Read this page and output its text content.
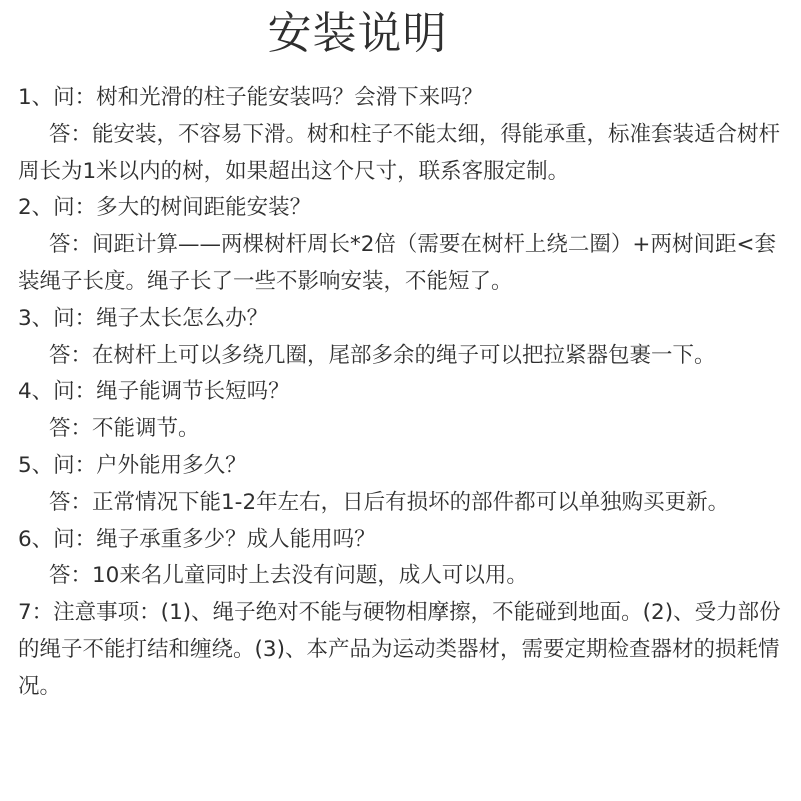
安装说明

1、问：树和光滑的柱子能安装吗？会滑下来吗？

答：能安装，不容易下滑。树和柱子不能太细，得能承重，标准套装适合树杆周长为1米以内的树，如果超出这个尺寸，联系客服定制。

2、问：多大的树间距能安装？

答：间距计算——两棵树杆周长*2倍（需要在树杆上绕二圈）+两树间距<套装绳子长度。绳子长了一些不影响安装，不能短了。

3、问：绳子太长怎么办？

答：在树杆上可以多绕几圈，尾部多余的绳子可以把拉紧器包裹一下。

4、问：绳子能调节长短吗？

答：不能调节。

5、问：户外能用多久？

答：正常情况下能1-2年左右，日后有损坏的部件都可以单独购买更新。

6、问：绳子承重多少？成人能用吗？

答：10来名儿童同时上去没有问题，成人可以用。

7：注意事项：(1)、绳子绝对不能与硬物相摩擦，不能碰到地面。(2)、受力部份的绳子不能打结和缠绕。(3)、本产品为运动类器材，需要定期检查器材的损耗情况。
